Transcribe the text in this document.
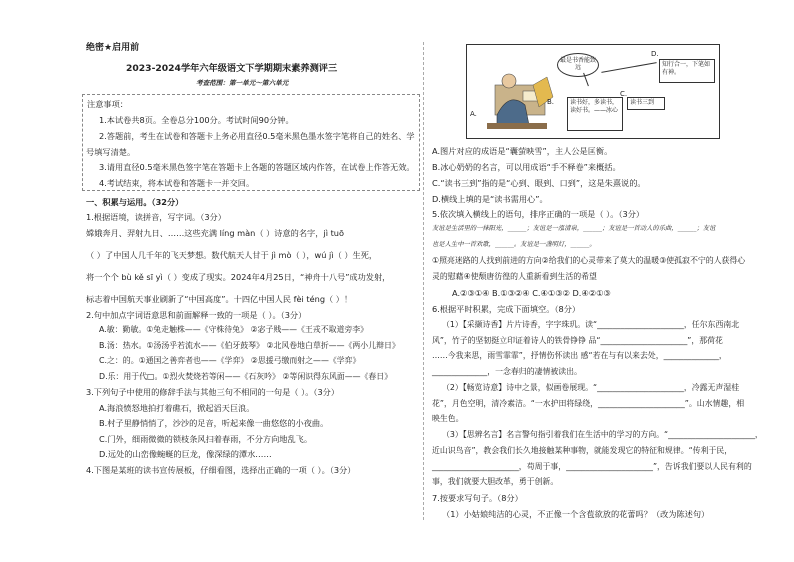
绝密★启用前
2023-2024学年六年级语文下学期期末素养测评三
考查范围：第一单元～第六单元
注意事项：
1.本试卷共8页。全卷总分100分。考试时间90分钟。
2.答题前，考生在试卷和答题卡上务必用直径0.5毫米黑色墨水签字笔将自己的姓名、学
号填写清楚。
3.请用直径0.5毫米黑色签字笔在答题卡上各题的答题区域内作答，在试卷上作答无效。
4.考试结束，将本试卷和答题卡一并交回。
一、积累与运用。（32分）
1.根据语境，读拼音，写字词。（3分）
嫦娥奔月、羿射九日、……这些充满 líng màn（ ）诗意的名字，jì tuō
（ ）了中国人几千年的飞天梦想。数代航天人甘于 jì mò（ ），wú jì（ ）生死，
将一个个 bù kě sī yì（ ）变成了现实。2024年4月25日，“神舟十八号”成功发射，
标志着中国航天事业刷新了“中国高度”。十四亿中国人民 fèi téng（ ）！
2.句中加点字词语意思和前面解释一致的一项是（ ）。（3分）
A.敏：勤敏。①兔走触株——《守株待兔》 ②宓子贱——《王戎不取道旁李》
B.汤：热水。①汤汤乎若流水——《伯牙鼓琴》 ②北风卷地白草折——《两小儿辩日》
C.之：的。①通国之善弈者也——《学弈》 ②思援弓缴而射之——《学弈》
D.乐：用于代□。①烈火焚烧若等闲——《石灰吟》 ②等闲识得东风面——《春日》
3.下列句子中使用的修辞手法与其他三句不相同的一句是（ ）。（3分）
A.海浪愤怒地拍打着礁石，掀起滔天巨浪。
B.村子里静悄悄了，沙沙的足音，听起来像一曲悠悠的小夜曲。
C.门外，细雨微微的锁枝条风扫着春雨，不分方向地乱飞。
D.远处的山峦像蜿蜒的巨龙，像深绿的潭水……
4.下图是某班的读书宣传展板，仔细看图，选择出正确的一项（ ）。（3分）
A.
最是书香能致远
B.	读书好，多读书，读好书。——冰心
C.
读书三到
D.
知行合一，下笔如有神。
A.图片对应的成语是“囊萤映雪”，主人公是匡衡。
B.冰心奶奶的名言，可以用成语“手不释卷”来概括。
C.“读书三到”指的是“心到、眼到、口到”，这是朱熹说的。
D.横线上填的是“读书需用心”。
5.依次填入横线上的语句，排序正确的一项是（ ）。（3分）
友谊是生活里的一抹阳光，______；友谊是一泓清泉，______；友谊是一首动人的乐曲，______；友谊
也是人生中一首欢歌，______。友谊是一盏明灯，______。
①照亮迷路的人找到前进的方向②给我们的心灵带来了莫大的温暖③使孤寂不宁的人获得心
灵的慰藉④使颓唐彷徨的人重新看到生活的希望
A.②③①④ B.①③②④ C.④①③② D.④②①③
6.根据平时积累，完成下面填空。（8分）
（1）【采撷诗香】片片诗香，字字珠玑。读“______________________，任尔东西南北
风”，竹子的坚韧挺立印证着诗人的铁骨铮铮 品“______________________”，那荷花
……今我来思，雨雪霏霏”，抒情伤怀读出 感“若在与有以来去处，______________，
______________，一念春归的凄情被读出。
（2）【畅览诗意】诗中之景，似画卷展现。“______________________，冷露无声湿桂
花”，月色空明，清冷素洁。“一水护田将绿绕，______________________”。山水情趣，相
映生色。
（3）【思辨名言】名言警句指引着我们在生活中的学习的方向。“______________________，
近山识鸟音”，教会我们长久地接触某种事物，就能发现它的特征和规律。“传利于民，
______________________，苟周于事，______________________”，告诉我们要以人民有利的
事，我们就要大胆改革，勇于创新。
7.按要求写句子。（8分）
（1）小姑娘纯洁的心灵，不正像一个含苞欲放的花蕾吗？（改为陈述句）
